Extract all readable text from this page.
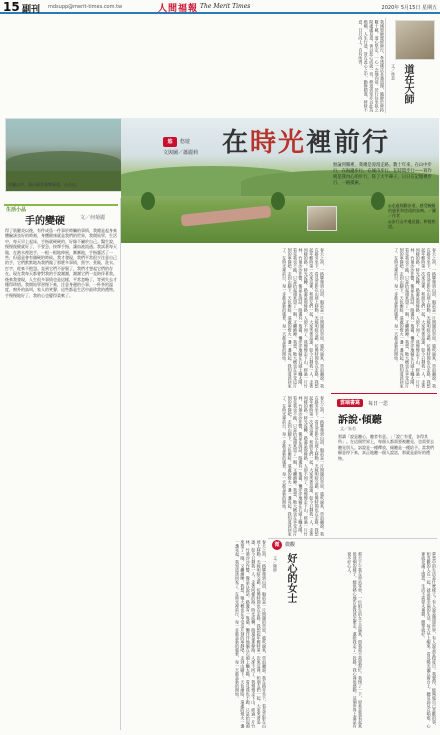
15 副刊 mdsupp@merit-times.com.tw	人間福報 The Merit Times	2020年 5月15日 星期五
我國聖師歷經修行，參透佛法本義道理，隨師於修持數十載，道心堅定，一心一念地向前，於行住坐臥之間處處見道，善以悲心成就一切，修道者眾亦以此為楷模，人生行道，皆在此心之中，勤修精進，時時不怠，日日向上，自有所得。
道在大師
文／林嘉
左圖山中，看山看雲看物看花，心自在。
悠	悠遊
文與圖／蕭麗莉 在時光裡前行
無論到哪裡，我總是漫漫走路。數十年來，在山中步行，在海邊步行，在城市步行，在時間步行——寫作則是我內心的步行，寫了大半輩子，日日在記憶裡步行，一路摸索。
◎走過刻劃步道，感受蜿蜒的風景和悠遠的鳥鳴。／圖／作者
◎步行山中遇見貓，和牠相望。
生活小品
手的變硬	文／何菊麗
得了肌腱炎以後，有件成爲一件事於時觸的事情，我總是起身來體驗該良好的時刻，身體健康就是我們的世界，我開始學，生活中，每天早上起床，手指就硬硬的，好像不屬於自己。醫生說，慢慢復健就好了，不要急，按摩手指，讓血液流通。我試著每天做，在熱水裡泡手，一根一根地伸展，漸漸地，手指靈活了一些，但還是會有僵硬的時候。我才發現，我們平常很少注意自己的手，它們默默地為我們做了那麼多事情，寫字、煮飯、洗衣、打字，從來不抱怨。直到它們不舒服了，我們才想起它們的存在。現在我每天都會對我的手說謝謝，謝謝它們一直陪伴著我。後來我發現，人生很多事情也是這樣，平常忽略了，等到失去才懂得珍惜。我開始學習慢下來，注意身邊的小事，一杯茶的溫度，窗外的鳥叫，家人的笑聲，這些都是生活中最珍貴的禮物。手慢慢地好了，我的心也變得柔軟了。	春天之初，一路攀爬到山頂，眼前是一片開闊的草原，風吹過來，草浪翻滾。我在路旁坐下，看見雲影在山坡上移動，光線明暗交錯，彷彿時間也在走路。我想起年輕時第一次來這裡，和朋友們一起，大家笑著追逐，如今只剩我一人，走著同樣的路。時光流轉，路還是那條路，人卻不同了。我慢慢走下山，經過一片竹林，竹葉沙沙作響，像是在說話。路邊有一隻貓，懶洋洋地躺在石頭上曬太陽，看見我也不跑，只是抬起頭來望了一眼，又繼續睡。我想，牠大概也在享受這片刻的寧靜吧。走到山腳下，天色漸暗，遠處的燈火一盞一盞亮起，我知道該回家了。在時光裡前行，每一步都是新的風景，每一天都是新的開始。
春天之初，一路攀爬到山頂，眼前是一片開闊的草原，風吹過來，草浪翻滾。我在路旁坐下，看見雲影在山坡上移動，光線明暗交錯，彷彿時間也在走路。我想起年輕時第一次來這裡，和朋友們一起，大家笑著追逐，如今只剩我一人，走著同樣的路。時光流轉，路還是那條路，人卻不同了。我慢慢走下山，經過一片竹林，竹葉沙沙作響，像是在說話。路邊有一隻貓，懶洋洋地躺在石頭上曬太陽，看見我也不跑，只是抬起頭來望了一眼，又繼續睡。我想，牠大概也在享受這片刻的寧靜吧。走到山腳下，天色漸暗，遠處的燈火一盞一盞亮起，我知道該回家了。在時光裡前行，每一步都是新的風景，每一天都是新的開始。
春天之初，一路攀爬到山頂，眼前是一片開闊的草原，風吹過來，草浪翻滾。我在路旁坐下，看見雲影在山坡上移動，光線明暗交錯，彷彿時間也在走路。我想起年輕時第一次來這裡，和朋友們一起，大家笑著追逐，如今只剩我一人，走著同樣的路。時光流轉，路還是那條路，人卻不同了。我慢慢走下山，經過一片竹林，竹葉沙沙作響，像是在說話。路邊有一隻貓，懶洋洋地躺在石頭上曬太陽，看見我也不跑，只是抬起頭來望了一眼，又繼續睡。我想，牠大概也在享受這片刻的寧靜吧。走到山腳下，天色漸暗，遠處的燈火一盞一盞亮起，我知道該回家了。在時光裡前行，每一步都是新的風景，每一天都是新的開始。
春天之初，一路攀爬到山頂，眼前是一片開闊的草原，風吹過來，草浪翻滾。我在路旁坐下，看見雲影在山坡上移動，光線明暗交錯，彷彿時間也在走路。我想起年輕時第一次來這裡，和朋友們一起，大家笑著追逐，如今只剩我一人，走著同樣的路。時光流轉，路還是那條路，人卻不同了。我慢慢走下山，經過一片竹林，竹葉沙沙作響，像是在說話。路邊有一隻貓，懶洋洋地躺在石頭上曬太陽，看見我也不跑，只是抬起頭來望了一眼，又繼續睡。我想，牠大概也在享受這片刻的寧靜吧。走到山腳下，天色漸暗，遠處的燈火一盞一盞亮起，我知道該回家了。在時光裡前行，每一步都是新的風景，每一天都是新的開始。
雲端書寫	每日一思
訴說·傾聽
文／朱苔
那讀「說是聽心，聽者有意。」「說亡有愛，各得其所」。在這個世界上，每個人都需要被聽見，也需要去聽見別人。訴說是一種釋放，傾聽是一種給予。當我們願意停下來，真正地聽一個人說話，那就是最好的禮物。
微	微觀
好心的女士
文／陳修	那天下午我在車站等車，一位陌生的女士走過來，問我需不需要幫忙。我愣了一下，原來是我看起來很迷惘的樣子。她很熱心地告訴我該怎麼走，還陪我走了一段路。我心裡很感動，這個世界上還是有很多好心人。	夢想中的生活是什麼樣子？有人說是環遊世界，有人說是安穩度日。我覺得，能夠做自己喜歡的事，和喜歡的人在一起，就是最幸福的生活。每天早上醒來，看見陽光灑在窗台上，聽見鳥兒在唱歌，心裡就充滿了感恩。生活不需要太複雜，簡單就好。
